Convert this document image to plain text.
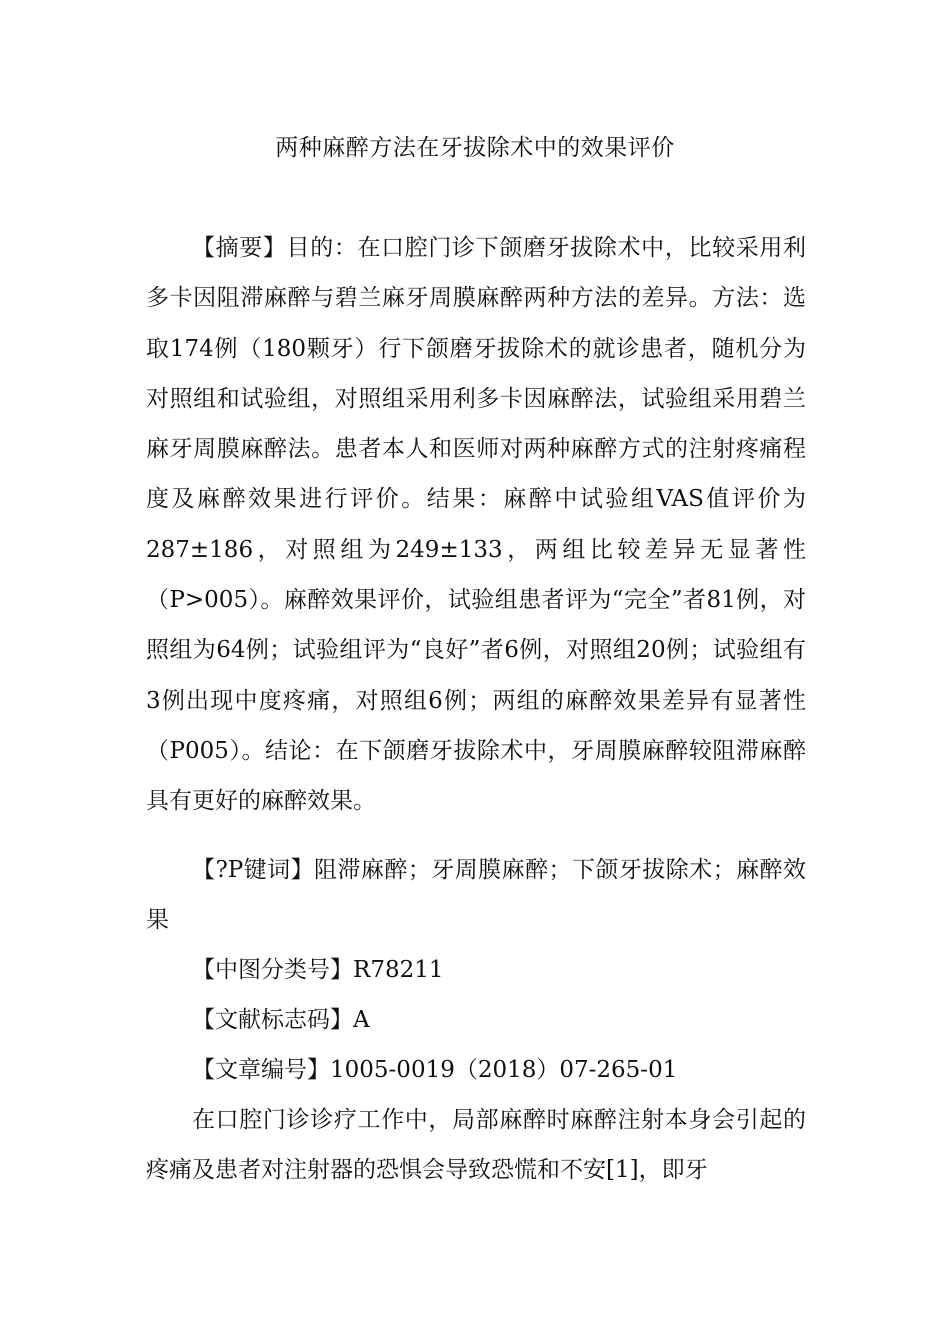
两种麻醉方法在牙拔除术中的效果评价
【摘要】目的：在口腔门诊下颌磨牙拔除术中，比较采用利多卡因阻滞麻醉与碧兰麻牙周膜麻醉两种方法的差异。方法：选取174例（180颗牙）行下颌磨牙拔除术的就诊患者，随机分为对照组和试验组，对照组采用利多卡因麻醉法，试验组采用碧兰麻牙周膜麻醉法。患者本人和医师对两种麻醉方式的注射疼痛程度及麻醉效果进行评价。结果：麻醉中试验组VAS值评价为287±186，对照组为249±133，两组比较差异无显著性（P>005）。麻醉效果评价，试验组患者评为“完全”者81例，对照组为64例；试验组评为“良好”者6例，对照组20例；试验组有3例出现中度疼痛，对照组6例；两组的麻醉效果差异有显著性（P005）。结论：在下颌磨牙拔除术中，牙周膜麻醉较阻滞麻醉具有更好的麻醉效果。
【?P键词】阻滞麻醉；牙周膜麻醉；下颌牙拔除术；麻醉效果
【中图分类号】R78211
【文献标志码】A
【文章编号】1005-0019（2018）07-265-01
在口腔门诊诊疗工作中，局部麻醉时麻醉注射本身会引起的疼痛及患者对注射器的恐惧会导致恐慌和不安[1]，即牙
